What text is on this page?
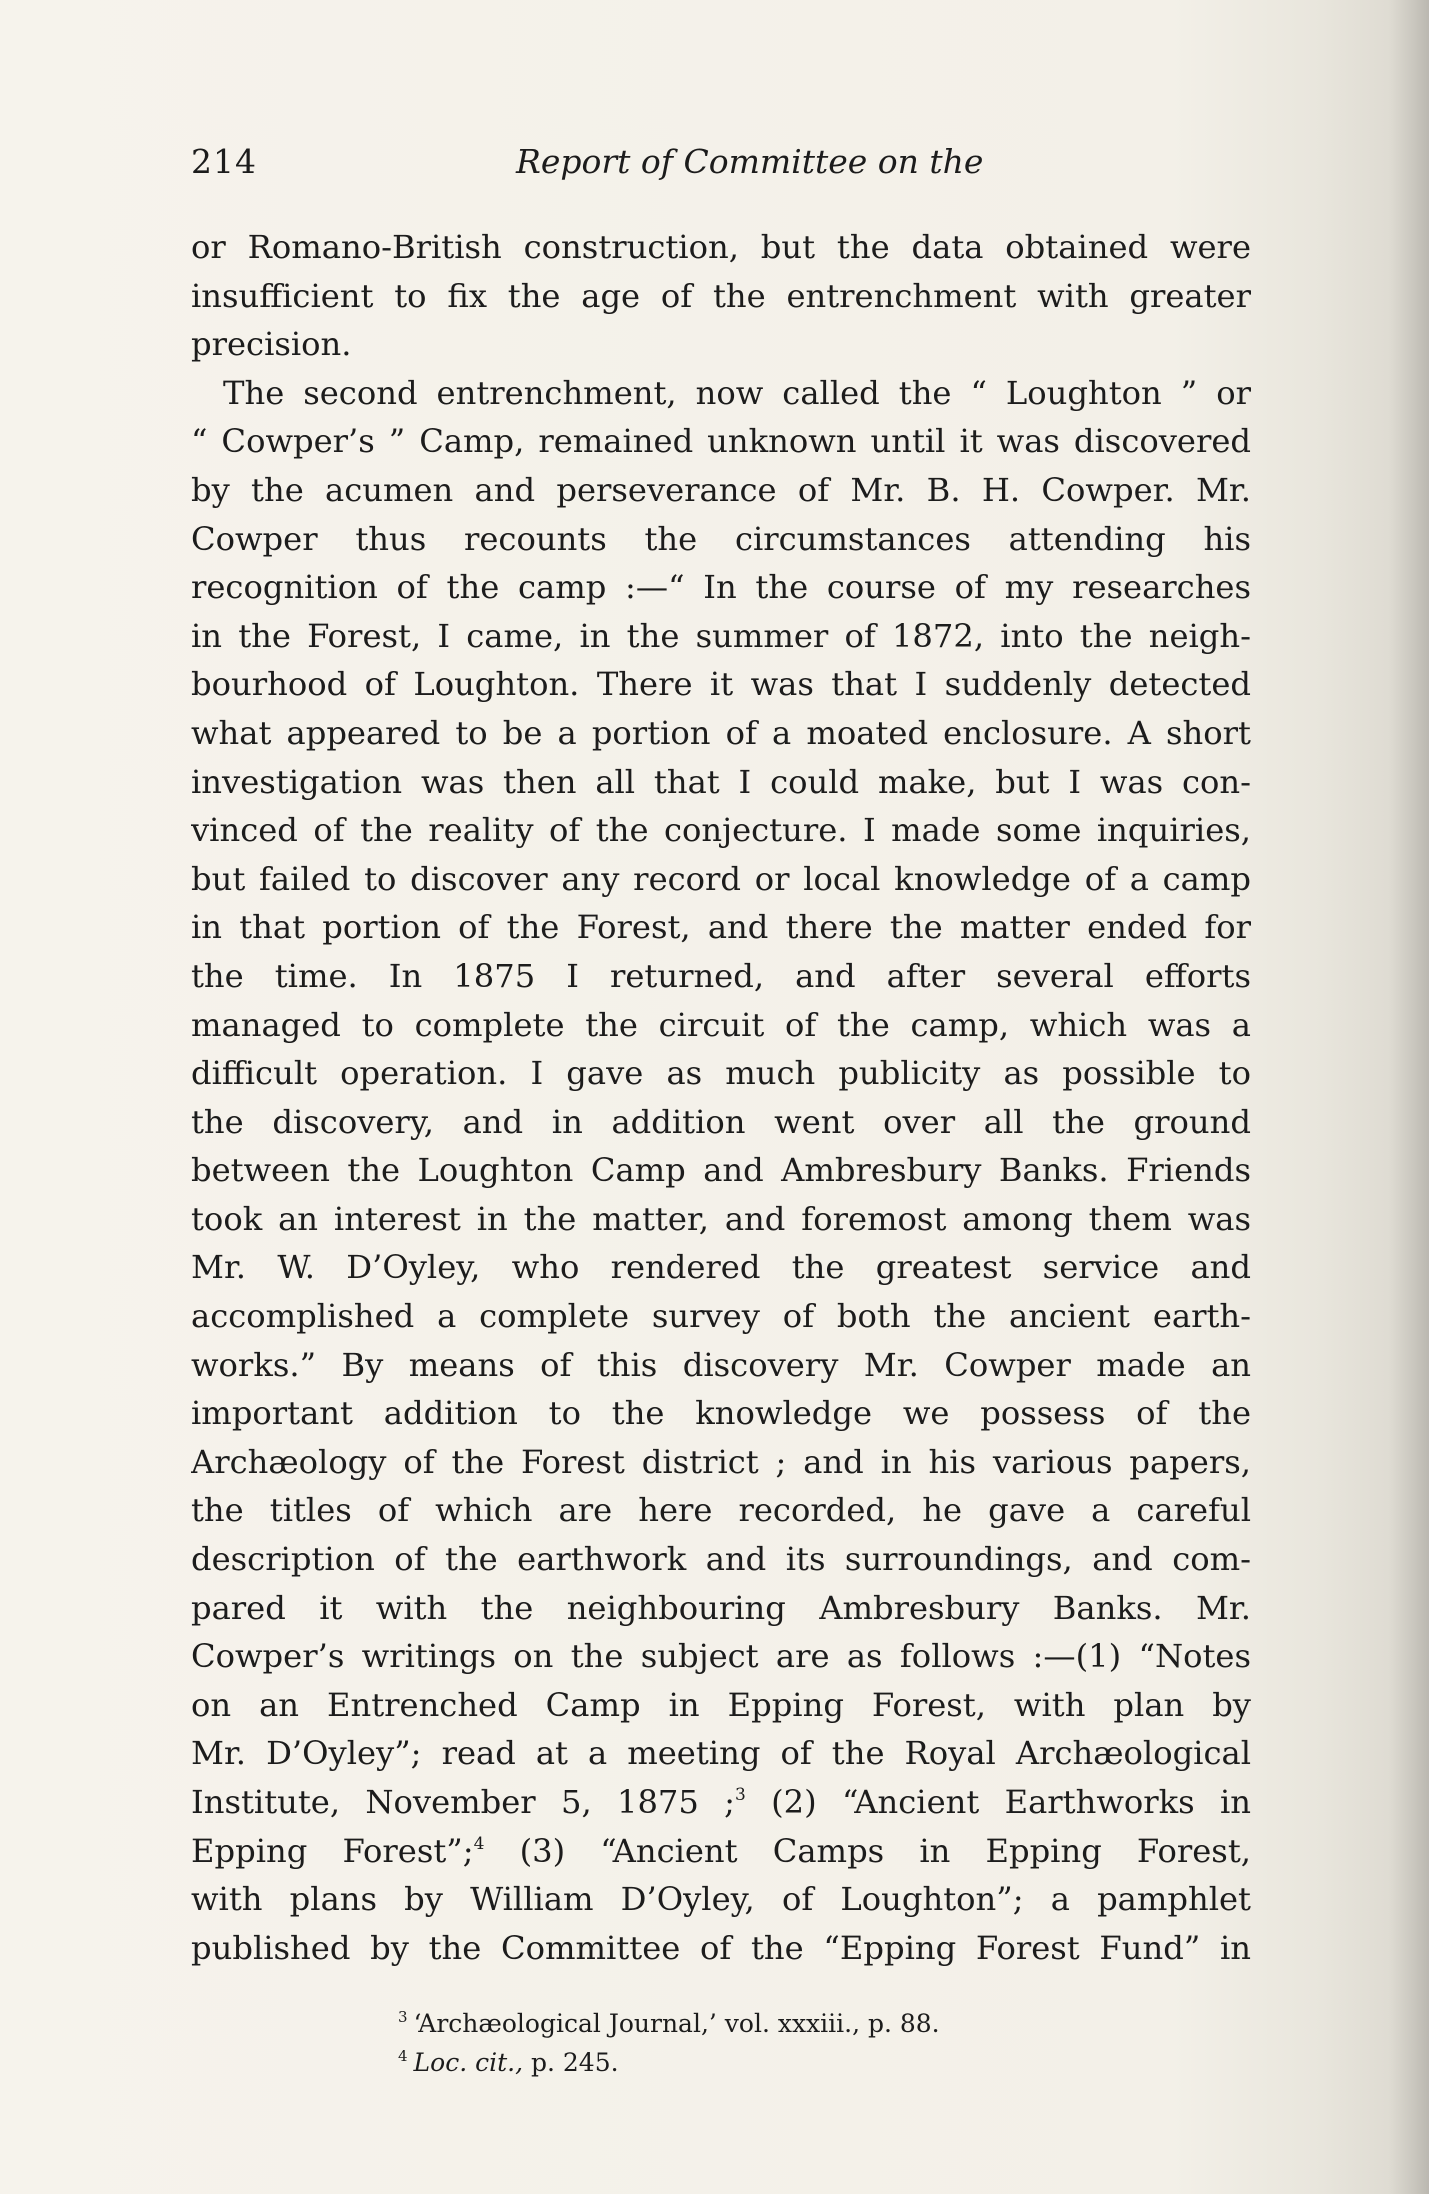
214	Report of Committee on the
or Romano-British construction, but the data obtained were
insufficient to fix the age of the entrenchment with greater
precision.
The second entrenchment, now called the “ Loughton ” or
“ Cowper’s ” Camp, remained unknown until it was discovered
by the acumen and perseverance of Mr. B. H. Cowper. Mr.
Cowper thus recounts the circumstances attending his
recognition of the camp :—“ In the course of my researches
in the Forest, I came, in the summer of 1872, into the neigh-
bourhood of Loughton. There it was that I suddenly detected
what appeared to be a portion of a moated enclosure. A short
investigation was then all that I could make, but I was con-
vinced of the reality of the conjecture. I made some inquiries,
but failed to discover any record or local knowledge of a camp
in that portion of the Forest, and there the matter ended for
the time. In 1875 I returned, and after several efforts
managed to complete the circuit of the camp, which was a
difficult operation. I gave as much publicity as possible to
the discovery, and in addition went over all the ground
between the Loughton Camp and Ambresbury Banks. Friends
took an interest in the matter, and foremost among them was
Mr. W. D’Oyley, who rendered the greatest service and
accomplished a complete survey of both the ancient earth-
works.” By means of this discovery Mr. Cowper made an
important addition to the knowledge we possess of the
Archæology of the Forest district ; and in his various papers,
the titles of which are here recorded, he gave a careful
description of the earthwork and its surroundings, and com-
pared it with the neighbouring Ambresbury Banks. Mr.
Cowper’s writings on the subject are as follows :—(1) “Notes
on an Entrenched Camp in Epping Forest, with plan by
Mr. D’Oyley”; read at a meeting of the Royal Archæological
Institute, November 5, 1875 ;$^3$ (2) “Ancient Earthworks in
Epping Forest”;$^4$ (3) “Ancient Camps in Epping Forest,
with plans by William D’Oyley, of Loughton”; a pamphlet
published by the Committee of the “Epping Forest Fund” in
$^3$ ‘Archæological Journal,’ vol. xxxiii., p. 88.
$^4$ Loc. cit., p. 245.
